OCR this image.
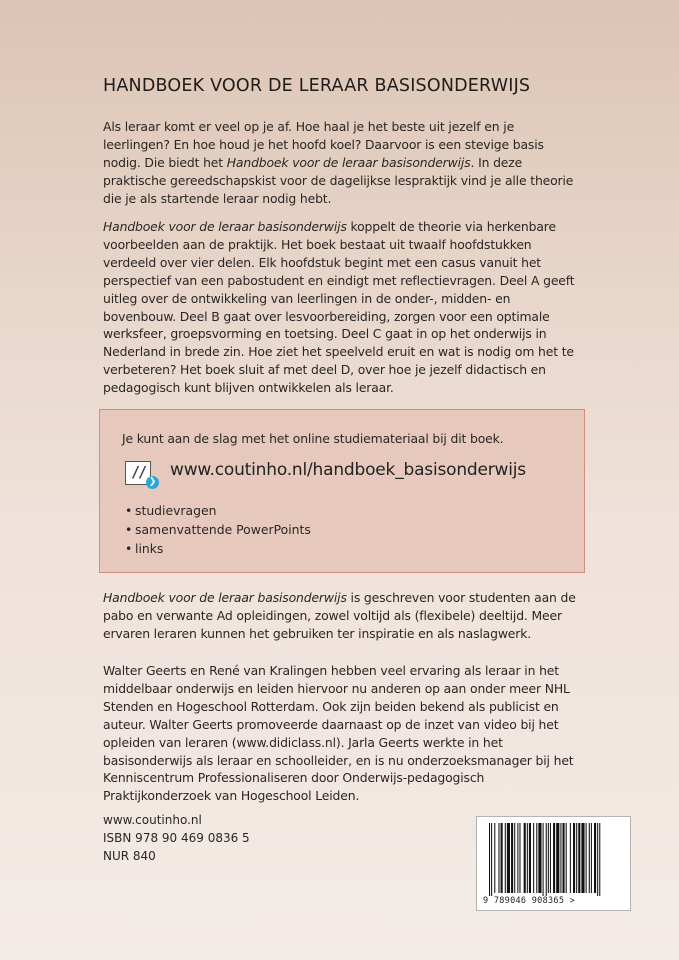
HANDBOEK VOOR DE LERAAR BASISONDERWIJS
Als leraar komt er veel op je af. Hoe haal je het beste uit jezelf en je leerlingen? En hoe houd je het hoofd koel? Daarvoor is een stevige basis nodig. Die biedt het Handboek voor de leraar basisonderwijs. In deze praktische gereedschapskist voor de dagelijkse lespraktijk vind je alle theorie die je als startende leraar nodig hebt.
Handboek voor de leraar basisonderwijs koppelt de theorie via herkenbare voorbeelden aan de praktijk. Het boek bestaat uit twaalf hoofdstukken verdeeld over vier delen. Elk hoofdstuk begint met een casus vanuit het perspectief van een pabostudent en eindigt met reflectievragen. Deel A geeft uitleg over de ontwikkeling van leerlingen in de onder-, midden- en bovenbouw. Deel B gaat over lesvoorbereiding, zorgen voor een optimale werksfeer, groepsvorming en toetsing. Deel C gaat in op het onderwijs in Nederland in brede zin. Hoe ziet het speelveld eruit en wat is nodig om het te verbeteren? Het boek sluit af met deel D, over hoe je jezelf didactisch en pedagogisch kunt blijven ontwikkelen als leraar.
Je kunt aan de slag met het online studiemateriaal bij dit boek.
//
❯
www.coutinho.nl/handboek_basisonderwijs
• studievragen
• samenvattende PowerPoints
• links
Handboek voor de leraar basisonderwijs is geschreven voor studenten aan de pabo en verwante Ad opleidingen, zowel voltijd als (flexibele) deeltijd. Meer ervaren leraren kunnen het gebruiken ter inspiratie en als naslagwerk.
Walter Geerts en René van Kralingen hebben veel ervaring als leraar in het middelbaar onderwijs en leiden hiervoor nu anderen op aan onder meer NHL Stenden en Hogeschool Rotterdam. Ook zijn beiden bekend als publicist en auteur. Walter Geerts promoveerde daarnaast op de inzet van video bij het opleiden van leraren (www.didiclass.nl). Jarla Geerts werkte in het basisonderwijs als leraar en schoolleider, en is nu onderzoeksmanager bij het Kenniscentrum Professionaliseren door Onderwijs-pedagogisch Praktijkonderzoek van Hogeschool Leiden.
www.coutinho.nl
ISBN 978 90 469 0836 5
NUR 840
9 789046 908365 >
